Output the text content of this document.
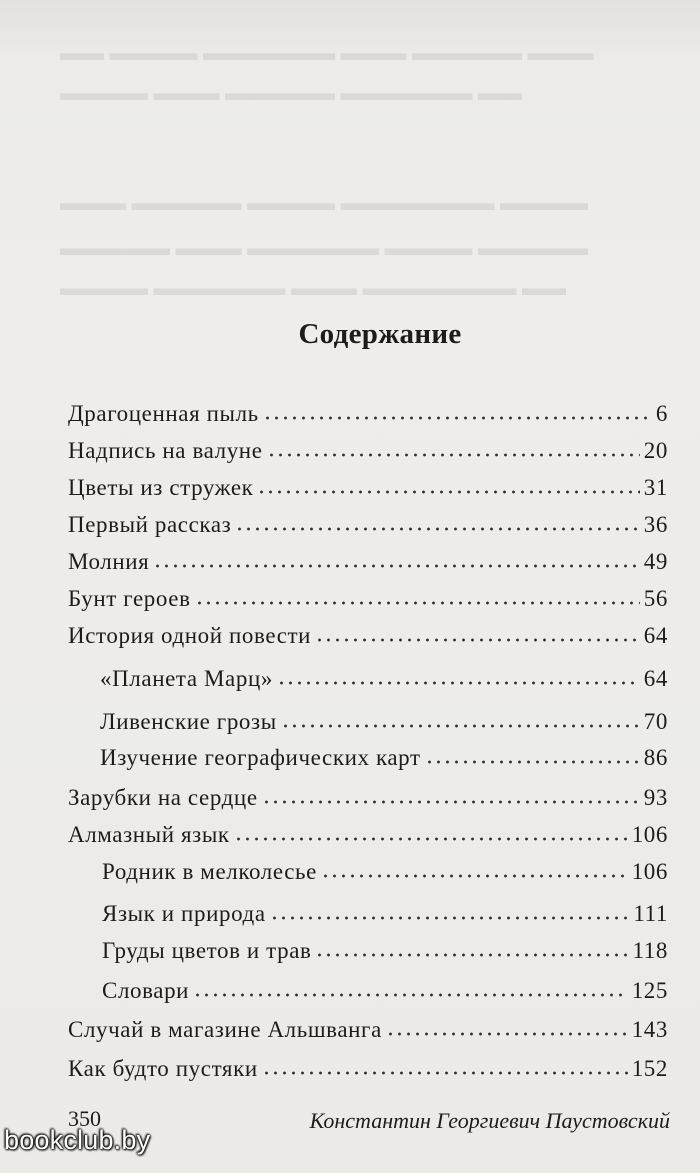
▬▬ ▬▬▬▬ ▬▬▬▬▬▬ ▬▬▬ ▬▬▬▬▬ ▬▬▬
▬▬▬▬ ▬▬▬ ▬▬▬▬▬ ▬▬▬▬▬▬ ▬▬
▬▬▬ ▬▬▬▬▬ ▬▬▬▬ ▬▬▬▬▬▬▬ ▬▬▬▬
▬▬▬▬▬ ▬▬▬ ▬▬▬▬▬▬ ▬▬▬▬ ▬▬▬▬▬
▬▬▬▬ ▬▬▬▬▬▬ ▬▬▬ ▬▬▬▬▬▬▬ ▬▬
Содержание
Драгоценная пыль	6
Надпись на валуне	20
Цветы из стружек	31
Первый рассказ	36
Молния	49
Бунт героев	56
История одной повести	64
«Планета Марц»	64
Ливенские грозы	70
Изучение географических карт	86
Зарубки на сердце	93
Алмазный язык	106
Родник в мелколесье	106
Язык и природа	111
Груды цветов и трав	118
Словари	125
Случай в магазине Альшванга	143
Как будто пустяки	152
350	Константин Георгиевич Паустовский
bookclub.by
